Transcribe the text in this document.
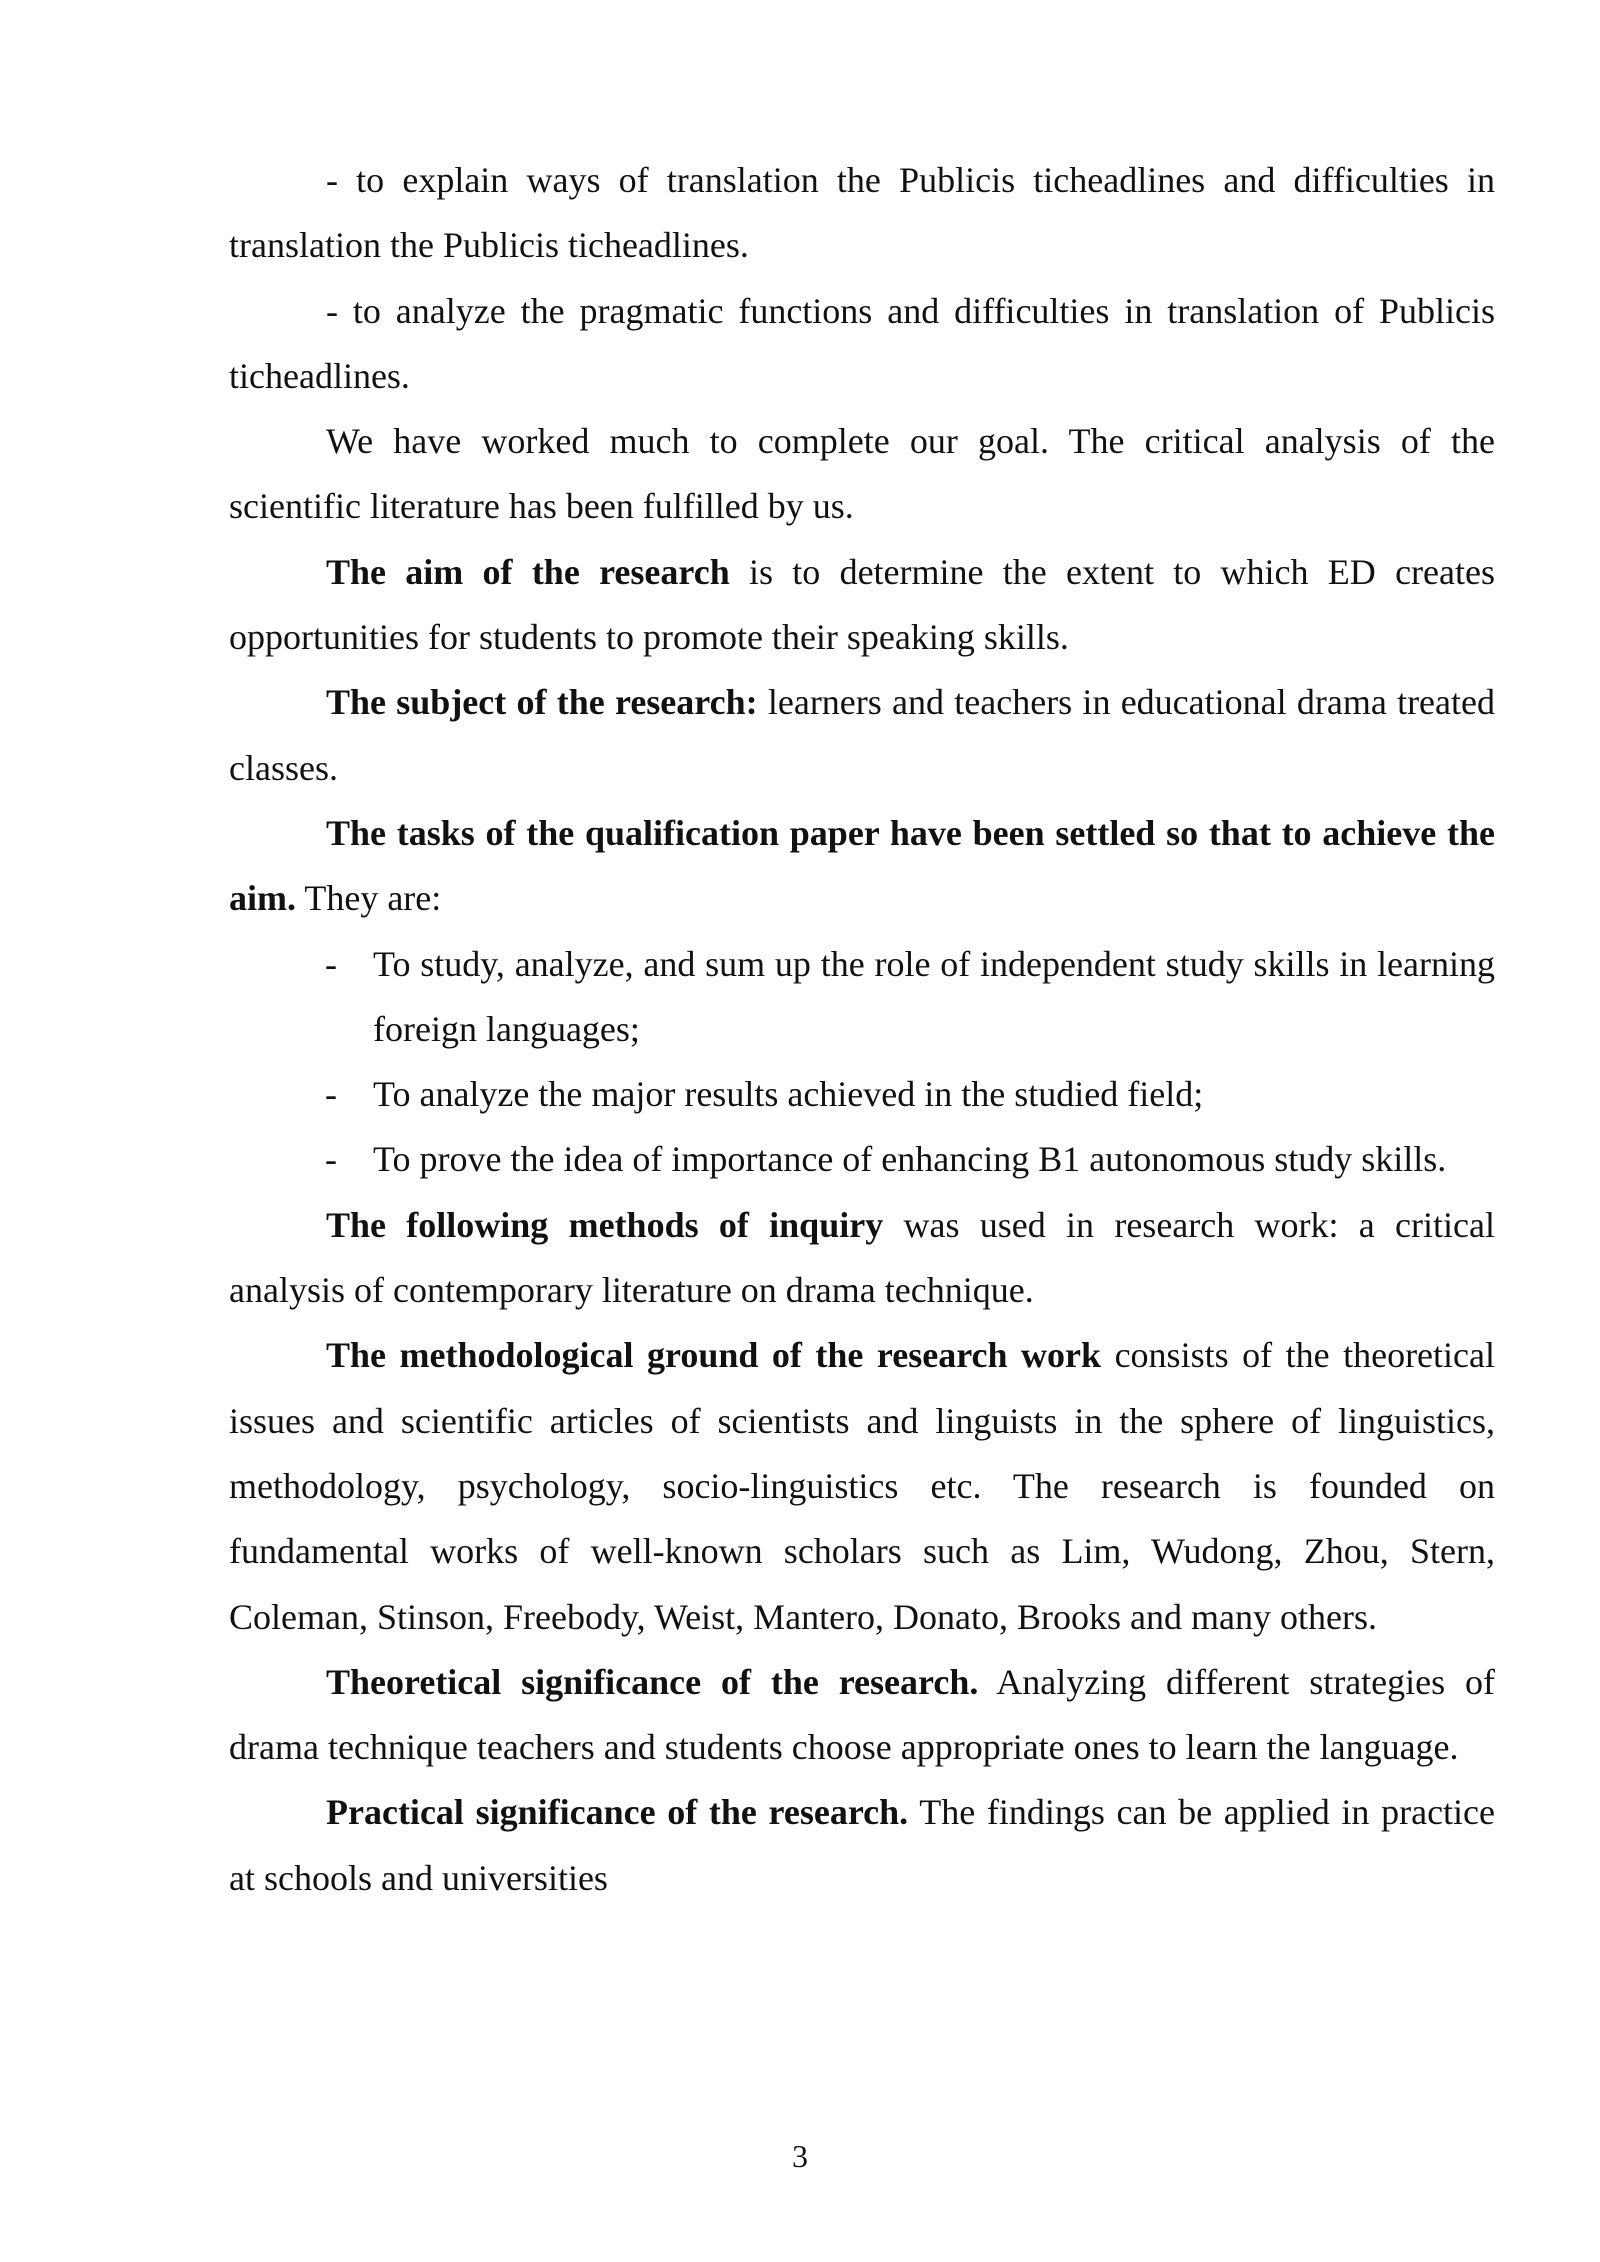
- to explain ways of translation the Publicis ticheadlines and difficulties in translation the Publicis ticheadlines.

- to analyze the pragmatic functions and difficulties in translation of Publicis ticheadlines.

We have worked much to complete our goal. The critical analysis of the scientific literature has been fulfilled by us.

The aim of the research is to determine the extent to which ED creates opportunities for students to promote their speaking skills.

The subject of the research: learners and teachers in educational drama treated classes.

The tasks of the qualification paper have been settled so that to achieve the aim. They are:

- To study, analyze, and sum up the role of independent study skills in learning foreign languages;
- To analyze the major results achieved in the studied field;
- To prove the idea of importance of enhancing B1 autonomous study skills.

The following methods of inquiry was used in research work: a critical analysis of contemporary literature on drama technique.

The methodological ground of the research work consists of the theoretical issues and scientific articles of scientists and linguists in the sphere of linguistics, methodology, psychology, socio-linguistics etc. The research is founded on fundamental works of well-known scholars such as Lim, Wudong, Zhou, Stern, Coleman, Stinson, Freebody, Weist, Mantero, Donato, Brooks and many others.

Theoretical significance of the research. Analyzing different strategies of drama technique teachers and students choose appropriate ones to learn the language.

Practical significance of the research. The findings can be applied in practice at schools and universities

3
